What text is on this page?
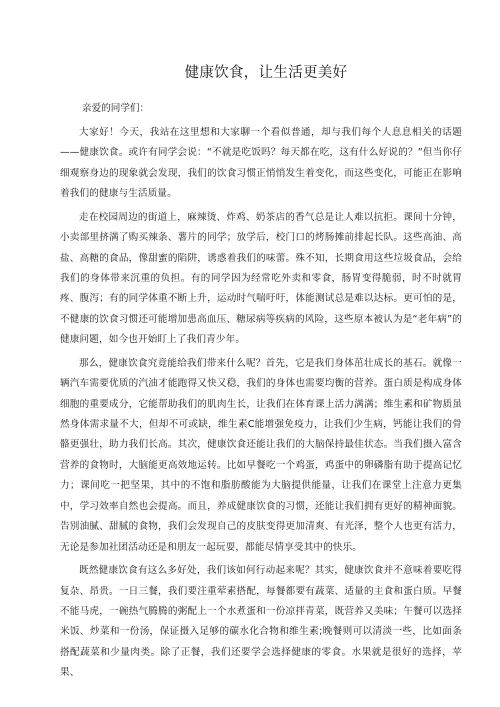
健康饮食，让生活更美好

亲爱的同学们：

大家好！今天，我站在这里想和大家聊一个看似普通，却与我们每个人息息相关的话题——健康饮食。或许有同学会说：“不就是吃饭吗？每天都在吃，这有什么好说的？”但当你仔细观察身边的现象就会发现，我们的饮食习惯正悄悄发生着变化，而这些变化，可能正在影响着我们的健康与生活质量。

走在校园周边的街道上，麻辣烫、炸鸡、奶茶店的香气总是让人难以抗拒。课间十分钟，小卖部里挤满了购买辣条、薯片的同学；放学后，校门口的烤肠摊前排起长队。这些高油、高盐、高糖的食品，像甜蜜的陷阱，诱惑着我们的味蕾。殊不知，长期食用这些垃圾食品，会给我们的身体带来沉重的负担。有的同学因为经常吃外卖和零食，肠胃变得脆弱，时不时就胃疼、腹泻；有的同学体重不断上升，运动时气喘吁吁，体能测试总是难以达标。更可怕的是，不健康的饮食习惯还可能增加患高血压、糖尿病等疾病的风险，这些原本被认为是“老年病”的健康问题，如今也开始盯上了我们青少年。

那么，健康饮食究竟能给我们带来什么呢？首先，它是我们身体茁壮成长的基石。就像一辆汽车需要优质的汽油才能跑得又快又稳，我们的身体也需要均衡的营养。蛋白质是构成身体细胞的重要成分，它能帮助我们的肌肉生长，让我们在体育课上活力满满；维生素和矿物质虽然身体需求量不大，但却不可或缺，维生素C能增强免疫力，让我们少生病，钙能让我们的骨骼更强壮，助力我们长高。其次，健康饮食还能让我们的大脑保持最佳状态。当我们摄入富含营养的食物时，大脑能更高效地运转。比如早餐吃一个鸡蛋，鸡蛋中的卵磷脂有助于提高记忆力；课间吃一把坚果，其中的不饱和脂肪酸能为大脑提供能量，让我们在课堂上注意力更集中，学习效率自然也会提高。而且，养成健康饮食的习惯，还能让我们拥有更好的精神面貌。告别油腻、甜腻的食物，我们会发现自己的皮肤变得更加清爽、有光泽，整个人也更有活力，无论是参加社团活动还是和朋友一起玩耍，都能尽情享受其中的快乐。

既然健康饮食有这么多好处，我们该如何行动起来呢？其实，健康饮食并不意味着要吃得复杂、昂贵。一日三餐，我们要注重荤素搭配，每餐都要有蔬菜、适量的主食和蛋白质。早餐不能马虎，一碗热气腾腾的粥配上一个水煮蛋和一份凉拌青菜，既营养又美味；午餐可以选择米饭、炒菜和一份汤，保证摄入足够的碳水化合物和维生素;晚餐则可以清淡一些，比如面条搭配蔬菜和少量肉类。除了正餐，我们还要学会选择健康的零食。水果就是很好的选择，苹果、
